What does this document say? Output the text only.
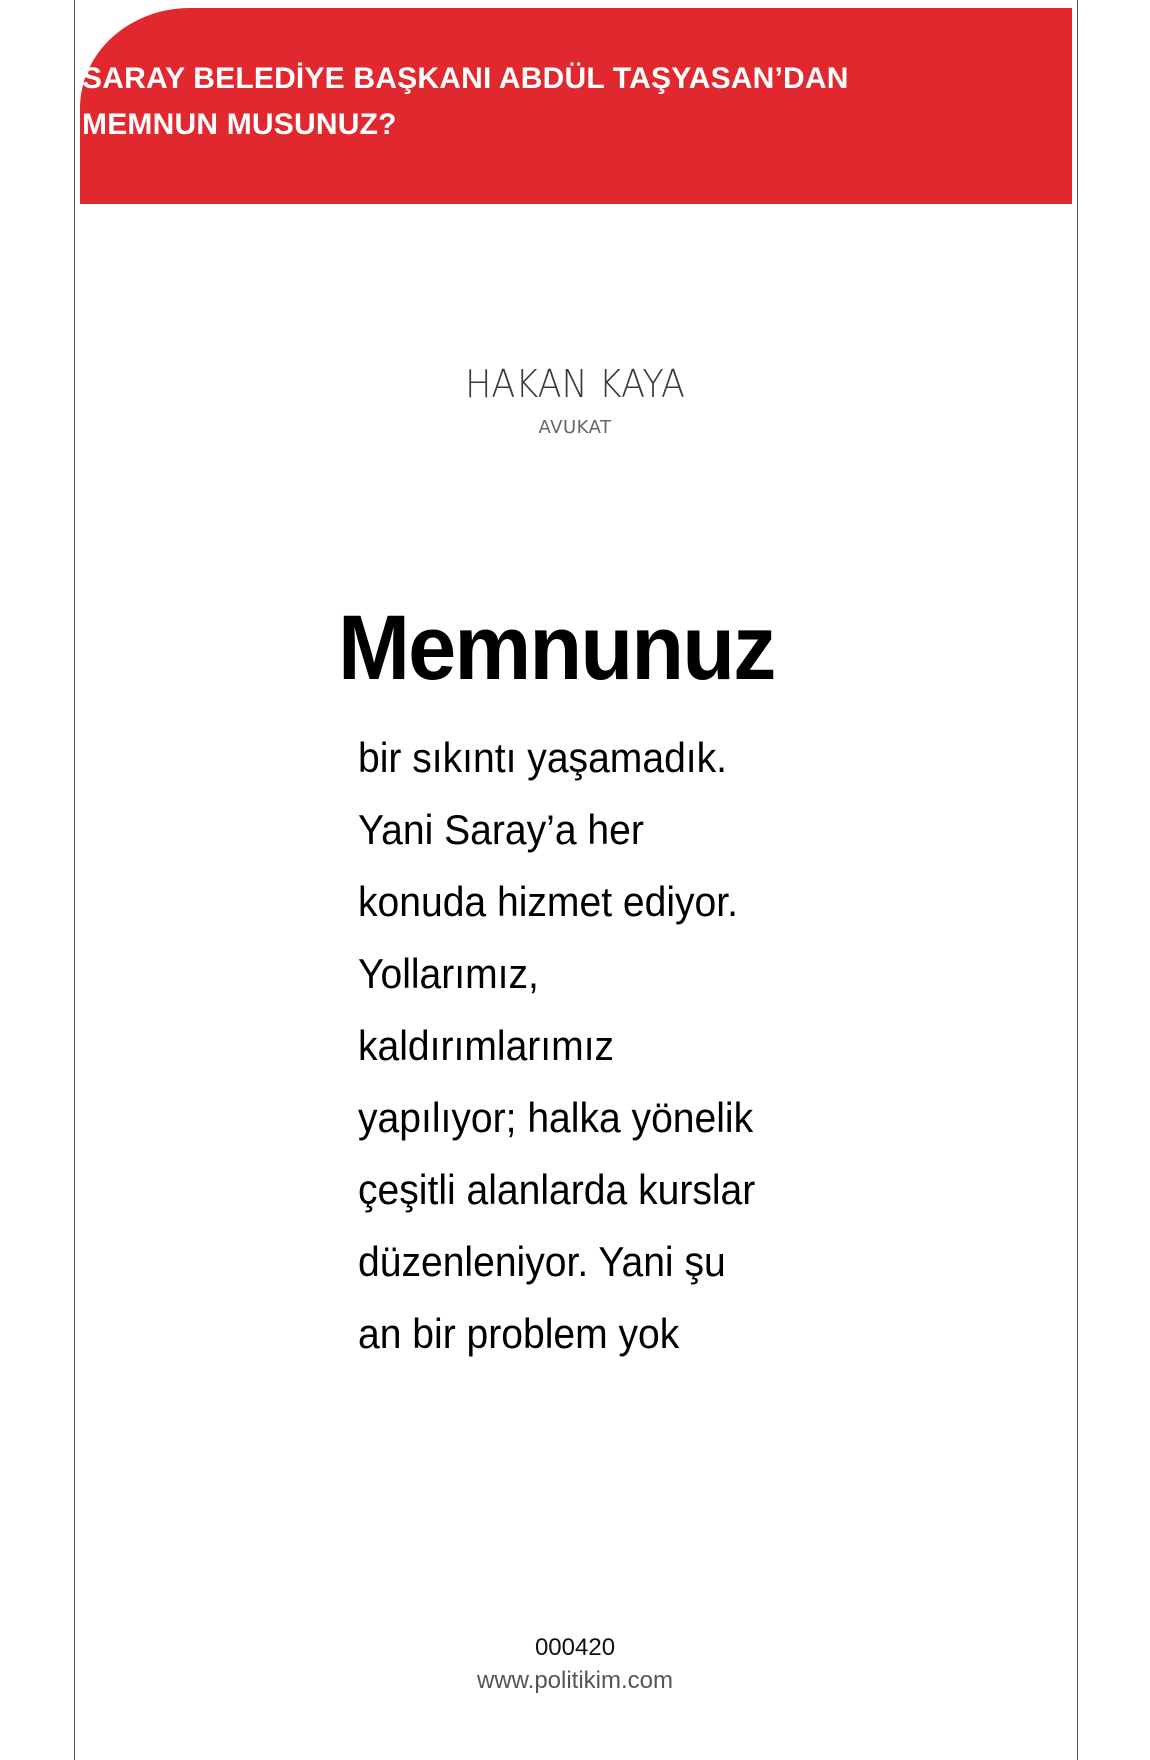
SARAY BELEDİYE BAŞKANI ABDÜL TAŞYASAN’DAN
MEMNUN MUSUNUZ?
HAKAN KAYA
AVUKAT
Memnunuz
bir sıkıntı yaşamadık.
Yani Saray’a her
konuda hizmet ediyor.
Yollarımız,
kaldırımlarımız
yapılıyor; halka yönelik
çeşitli alanlarda kurslar
düzenleniyor. Yani şu
an bir problem yok
000420
www.politikim.com
